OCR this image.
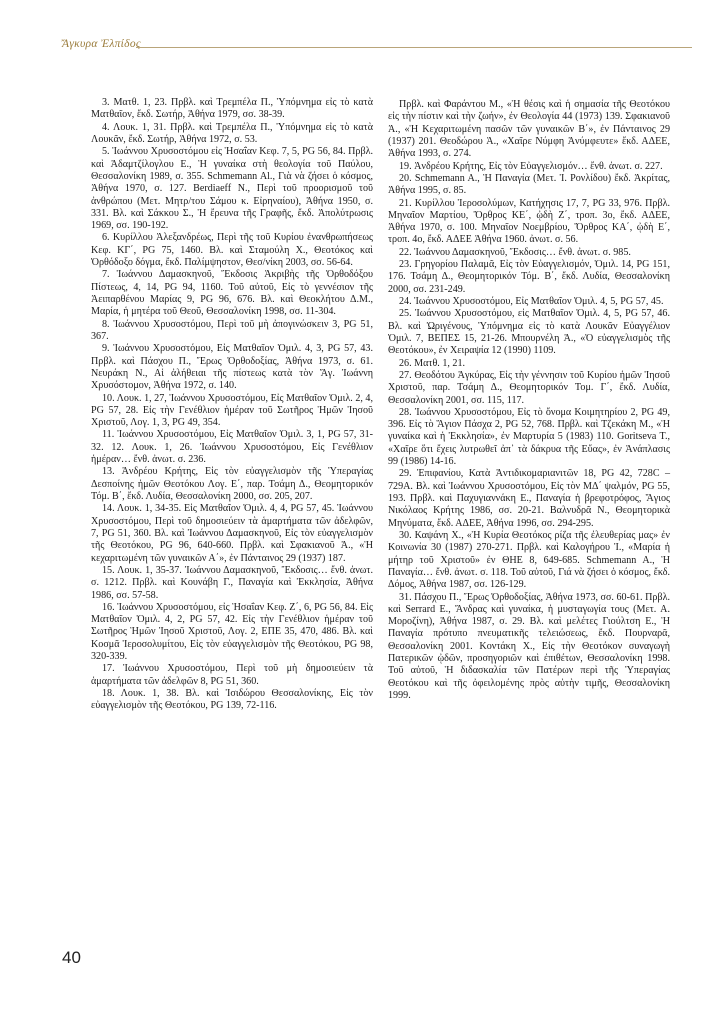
Ἄγκυρα Ἐλπίδος

3. Ματθ. 1, 23. Πρβλ. καὶ Τρεμπέλα Π., Ὑπόμνημα εἰς τὸ κατὰ Ματθαῖον, ἔκδ. Σωτήρ, Ἀθήνα 1979, σσ. 38-39.

4. Λουκ. 1, 31. Πρβλ. καὶ Τρεμπέλα Π., Ὑπόμνημα εἰς τὸ κατὰ Λουκᾶν, ἔκδ. Σωτήρ, Ἀθήνα 1972, σ. 53.

5. Ἰωάννου Χρυσοστόμου εἰς Ἡσαΐαν Κεφ. 7, 5, PG 56, 84. Πρβλ. καὶ Ἀδαμτζίλογλου Ε., Ἡ γυναίκα στὴ θεολογία τοῦ Παύλου, Θεσσαλονίκη 1989, σ. 355. Schmemann Al., Γιὰ νὰ ζήσει ὁ κόσμος, Ἀθήνα 1970, σ. 127. Berdiaeff N., Περὶ τοῦ προορισμοῦ τοῦ ἀνθρώπου (Μετ. Μητρ/του Σάμου κ. Εἰρηναίου), Ἀθήνα 1950, σ. 331. Βλ. καὶ Σάκκου Σ., Ἡ ἔρευνα τῆς Γραφῆς, ἔκδ. Ἀπολύτρωσις 1969, σσ. 190-192.

6. Κυρίλλου Ἀλεξανδρέως, Περὶ τῆς τοῦ Κυρίου ἐνανθρωπήσεως Κεφ. ΚΓ΄, PG 75, 1460. Βλ. καὶ Σταμούλη Χ., Θεοτόκος καὶ Ὀρθόδοξο δόγμα, ἔκδ. Παλίμψηστον, Θεσ/νίκη 2003, σσ. 56-64.

7. Ἰωάννου Δαμασκηνοῦ, Ἔκδοσις Ἀκριβὴς τῆς Ὀρθοδόξου Πίστεως, 4, 14, PG 94, 1160. Τοῦ αὐτοῦ, Εἰς τὸ γεννέσιον τῆς Ἀειπαρθένου Μαρίας 9, PG 96, 676. Βλ. καὶ Θεοκλήτου Δ.Μ., Μαρία, ἡ μητέρα τοῦ Θεοῦ, Θεσσαλονίκη 1998, σσ. 11-304.

8. Ἰωάννου Χρυσοστόμου, Περὶ τοῦ μὴ ἀπογινώσκειν 3, PG 51, 367.

9. Ἰωάννου Χρυσοστόμου, Εἰς Ματθαῖον Ὁμιλ. 4, 3, PG 57, 43. Πρβλ. καὶ Πάσχου Π., Ἔρως Ὀρθοδοξίας, Ἀθήνα 1973, σ. 61. Νευράκη Ν., Αἱ ἀλήθειαι τῆς πίστεως κατὰ τὸν Ἅγ. Ἰωάννη Χρυσόστομον, Ἀθήνα 1972, σ. 140.

10. Λουκ. 1, 27, Ἰωάννου Χρυσοστόμου, Εἰς Ματθαῖον Ὁμιλ. 2, 4, PG 57, 28. Εἰς τὴν Γενέθλιον ἡμέραν τοῦ Σωτῆρος Ἡμῶν Ἰησοῦ Χριστοῦ, Λογ. 1, 3, PG 49, 354.

11. Ἰωάννου Χρυσοστόμου, Εἰς Ματθαῖον Ὁμιλ. 3, 1, PG 57, 31-32. 12. Λουκ. 1, 26. Ἰωάννου Χρυσοστόμου, Εἰς Γενέθλιον ἡμέραν… ἔνθ. ἀνωτ. σ. 236.

13. Ἀνδρέου Κρήτης, Εἰς τὸν εὐαγγελισμὸν τῆς Ὑπεραγίας Δεσποίνης ἡμῶν Θεοτόκου Λογ. Ε΄, παρ. Τσάμη Δ., Θεομητορικόν Τόμ. Β΄, ἔκδ. Λυδία, Θεσσαλονίκη 2000, σσ. 205, 207.

14. Λουκ. 1, 34-35. Εἰς Ματθαῖον Ὁμιλ. 4, 4, PG 57, 45. Ἰωάννου Χρυσοστόμου, Περὶ τοῦ δημοσιεύειν τὰ ἁμαρτήματα τῶν ἀδελφῶν, 7, PG 51, 360. Βλ. καὶ Ἰωάννου Δαμασκηνοῦ, Εἰς τὸν εὐαγγελισμὸν τῆς Θεοτόκου, PG 96, 640-660. Πρβλ. καὶ Σφακιανοῦ Ἀ., «Ἡ κεχαριτωμένη τῶν γυναικῶν Α΄», ἐν Πάνταινος 29 (1937) 187.

15. Λουκ. 1, 35-37. Ἰωάννου Δαμασκηνοῦ, Ἔκδοσις… ἔνθ. ἀνωτ. σ. 1212. Πρβλ. καὶ Κουνάβη Γ., Παναγία καὶ Ἐκκλησία, Ἀθήνα 1986, σσ. 57-58.

16. Ἰωάννου Χρυσοστόμου, εἰς Ἡσαΐαν Κεφ. Ζ΄, 6, PG 56, 84. Εἰς Ματθαῖον Ὁμιλ. 4, 2, PG 57, 42. Εἰς τὴν Γενέθλιον ἡμέραν τοῦ Σωτῆρος Ἡμῶν Ἰησοῦ Χριστοῦ, Λογ. 2, ΕΠΕ 35, 470, 486. Βλ. καὶ Κοσμᾶ Ἱεροσολυμίτου, Εἰς τὸν εὐαγγελισμὸν τῆς Θεοτόκου, PG 98, 320-339.

17. Ἰωάννου Χρυσοστόμου, Περὶ τοῦ μὴ δημοσιεύειν τὰ ἁμαρτήματα τῶν ἀδελφῶν 8, PG 51, 360.

18. Λουκ. 1, 38. Βλ. καὶ Ἰσιδώρου Θεσσαλονίκης, Εἰς τὸν εὐαγγελισμὸν τῆς Θεοτόκου, PG 139, 72-116.

Πρβλ. καὶ Φαράντου Μ., «Ἡ θέσις καὶ ἡ σημασία τῆς Θεοτόκου εἰς τὴν πίστιν καὶ τὴν ζωήν», ἐν Θεολογία 44 (1973) 139. Σφακιανοῦ Ἀ., «Ἡ Κεχαριτωμένη πασῶν τῶν γυναικῶν Β΄», ἐν Πάνταινος 29 (1937) 201. Θεοδώρου Ἀ., «Χαῖρε Νύμφη Ἀνύμφευτε» ἔκδ. ΑΔΕΕ, Ἀθήνα 1993, σ. 274.

19. Ἀνδρέου Κρήτης, Εἰς τὸν Εὐαγγελισμόν… ἔνθ. ἀνωτ. σ. 227.

20. Schmemann A., Ἡ Παναγία (Μετ. Ἰ. Ρονλίδου) ἔκδ. Ἀκρίτας, Ἀθήνα 1995, σ. 85.

21. Κυρίλλου Ἱεροσολύμων, Κατήχησις 17, 7, PG 33, 976. Πρβλ. Μηναῖον Μαρτίου, Ὄρθρος ΚΕ΄, ᾠδὴ Ζ΄, τροπ. 3ο, ἔκδ. ΑΔΕΕ, Ἀθήνα 1970, σ. 100. Μηναῖον Νοεμβρίου, Ὄρθρος ΚΑ΄, ᾠδὴ Ε΄, τροπ. 4ο, ἔκδ. ΑΔΕΕ Ἀθήνα 1960. ἀνωτ. σ. 56.

22. Ἰωάννου Δαμασκηνοῦ, Ἔκδοσις… ἔνθ. ἀνωτ. σ. 985.

23. Γρηγορίου Παλαμᾶ, Εἰς τὸν Εὐαγγελισμόν, Ὁμιλ. 14, PG 151, 176. Τσάμη Δ., Θεομητορικόν Τόμ. Β΄, ἔκδ. Λυδία, Θεσσαλονίκη 2000, σσ. 231-249.

24. Ἰωάννου Χρυσοστόμου, Εἰς Ματθαῖον Ὁμιλ. 4, 5, PG 57, 45.

25. Ἰωάννου Χρυσοστόμου, εἰς Ματθαῖον Ὁμιλ. 4, 5, PG 57, 46. Βλ. καὶ Ὠριγένους, Ὑπόμνημα εἰς τὸ κατὰ Λουκᾶν Εὐαγγέλιον Ὁμιλ. 7, ΒΕΠΕΣ 15, 21-26. Μπουρνέλη Ἀ., «Ὁ εὐαγγελισμὸς τῆς Θεοτόκου», ἐν Χειραψία 12 (1990) 1109.

26. Ματθ. 1, 21.

27. Θεοδότου Ἀγκύρας, Εἰς τὴν γέννησιν τοῦ Κυρίου ἡμῶν Ἰησοῦ Χριστοῦ, παρ. Τσάμη Δ., Θεομητορικόν Τομ. Γ΄, ἔκδ. Λυδία, Θεσσαλονίκη 2001, σσ. 115, 117.

28. Ἰωάννου Χρυσοστόμου, Εἰς τὸ ὄνομα Κοιμητηρίου 2, PG 49, 396. Εἰς τὸ Ἅγιον Πάσχα 2, PG 52, 768. Πρβλ. καὶ Τζεκάκη Μ., «Ἡ γυναίκα καὶ ἡ Ἐκκλησία», ἐν Μαρτυρία 5 (1983) 110. Goritseva T., «Χαῖρε ὅτι ἔχεις λυτρωθεῖ ἀπ᾽ τὰ δάκρυα τῆς Εὔας», ἐν Ἀνάπλασις 99 (1986) 14-16.

29. Ἐπιφανίου, Κατὰ Ἀντιδικομαριανιτῶν 18, PG 42, 728C – 729A. Βλ. καὶ Ἰωάννου Χρυσοστόμου, Εἰς τὸν ΜΔ΄ ψαλμόν, PG 55, 193. Πρβλ. καὶ Παχυγιαννάκη Ε., Παναγία ἡ βρεφοτρόφος, Ἅγιος Νικόλαος Κρήτης 1986, σσ. 20-21. Βαλνυδρᾶ Ν., Θεομητορικὰ Μηνύματα, ἔκδ. ΑΔΕΕ, Ἀθήνα 1996, σσ. 294-295.

30. Καψάνη Χ., «Ἡ Κυρία Θεοτόκος ρίζα τῆς ἐλευθερίας μας» ἐν Κοινωνία 30 (1987) 270-271. Πρβλ. καὶ Καλογήρου Ἰ., «Μαρία ἡ μήτηρ τοῦ Χριστοῦ» ἐν ΘΗΕ 8, 649-685. Schmemann A., Ἡ Παναγία… ἔνθ. ἀνωτ. σ. 118. Τοῦ αὐτοῦ, Γιά νὰ ζήσει ὁ κόσμος, ἔκδ. Δόμος, Ἀθήνα 1987, σσ. 126-129.

31. Πάσχου Π., Ἔρως Ὀρθοδοξίας, Ἀθήνα 1973, σσ. 60-61. Πρβλ. καὶ Serrard E., Ἄνδρας καὶ γυναίκα, ἡ μυσταγωγία τους (Μετ. Α. Μοροζίνη), Ἀθήνα 1987, σ. 29. Βλ. καὶ μελέτες Γιούλτση Ε., Ἡ Παναγία πρότυπο πνευματικῆς τελειώσεως, ἔκδ. Πουρναρᾶ, Θεσσαλονίκη 2001. Κοντάκη Χ., Εἰς τὴν Θεοτόκον συναγωγὴ Πατερικῶν ᾠδῶν, προσηγοριῶν καὶ ἐπιθέτων, Θεσσαλονίκη 1998. Τοῦ αὐτοῦ, Ἡ διδασκαλία τῶν Πατέρων περὶ τῆς Ὑπεραγίας Θεοτόκου καὶ τῆς ὀφειλομένης πρὸς αὐτὴν τιμῆς, Θεσσαλονίκη 1999.

40
